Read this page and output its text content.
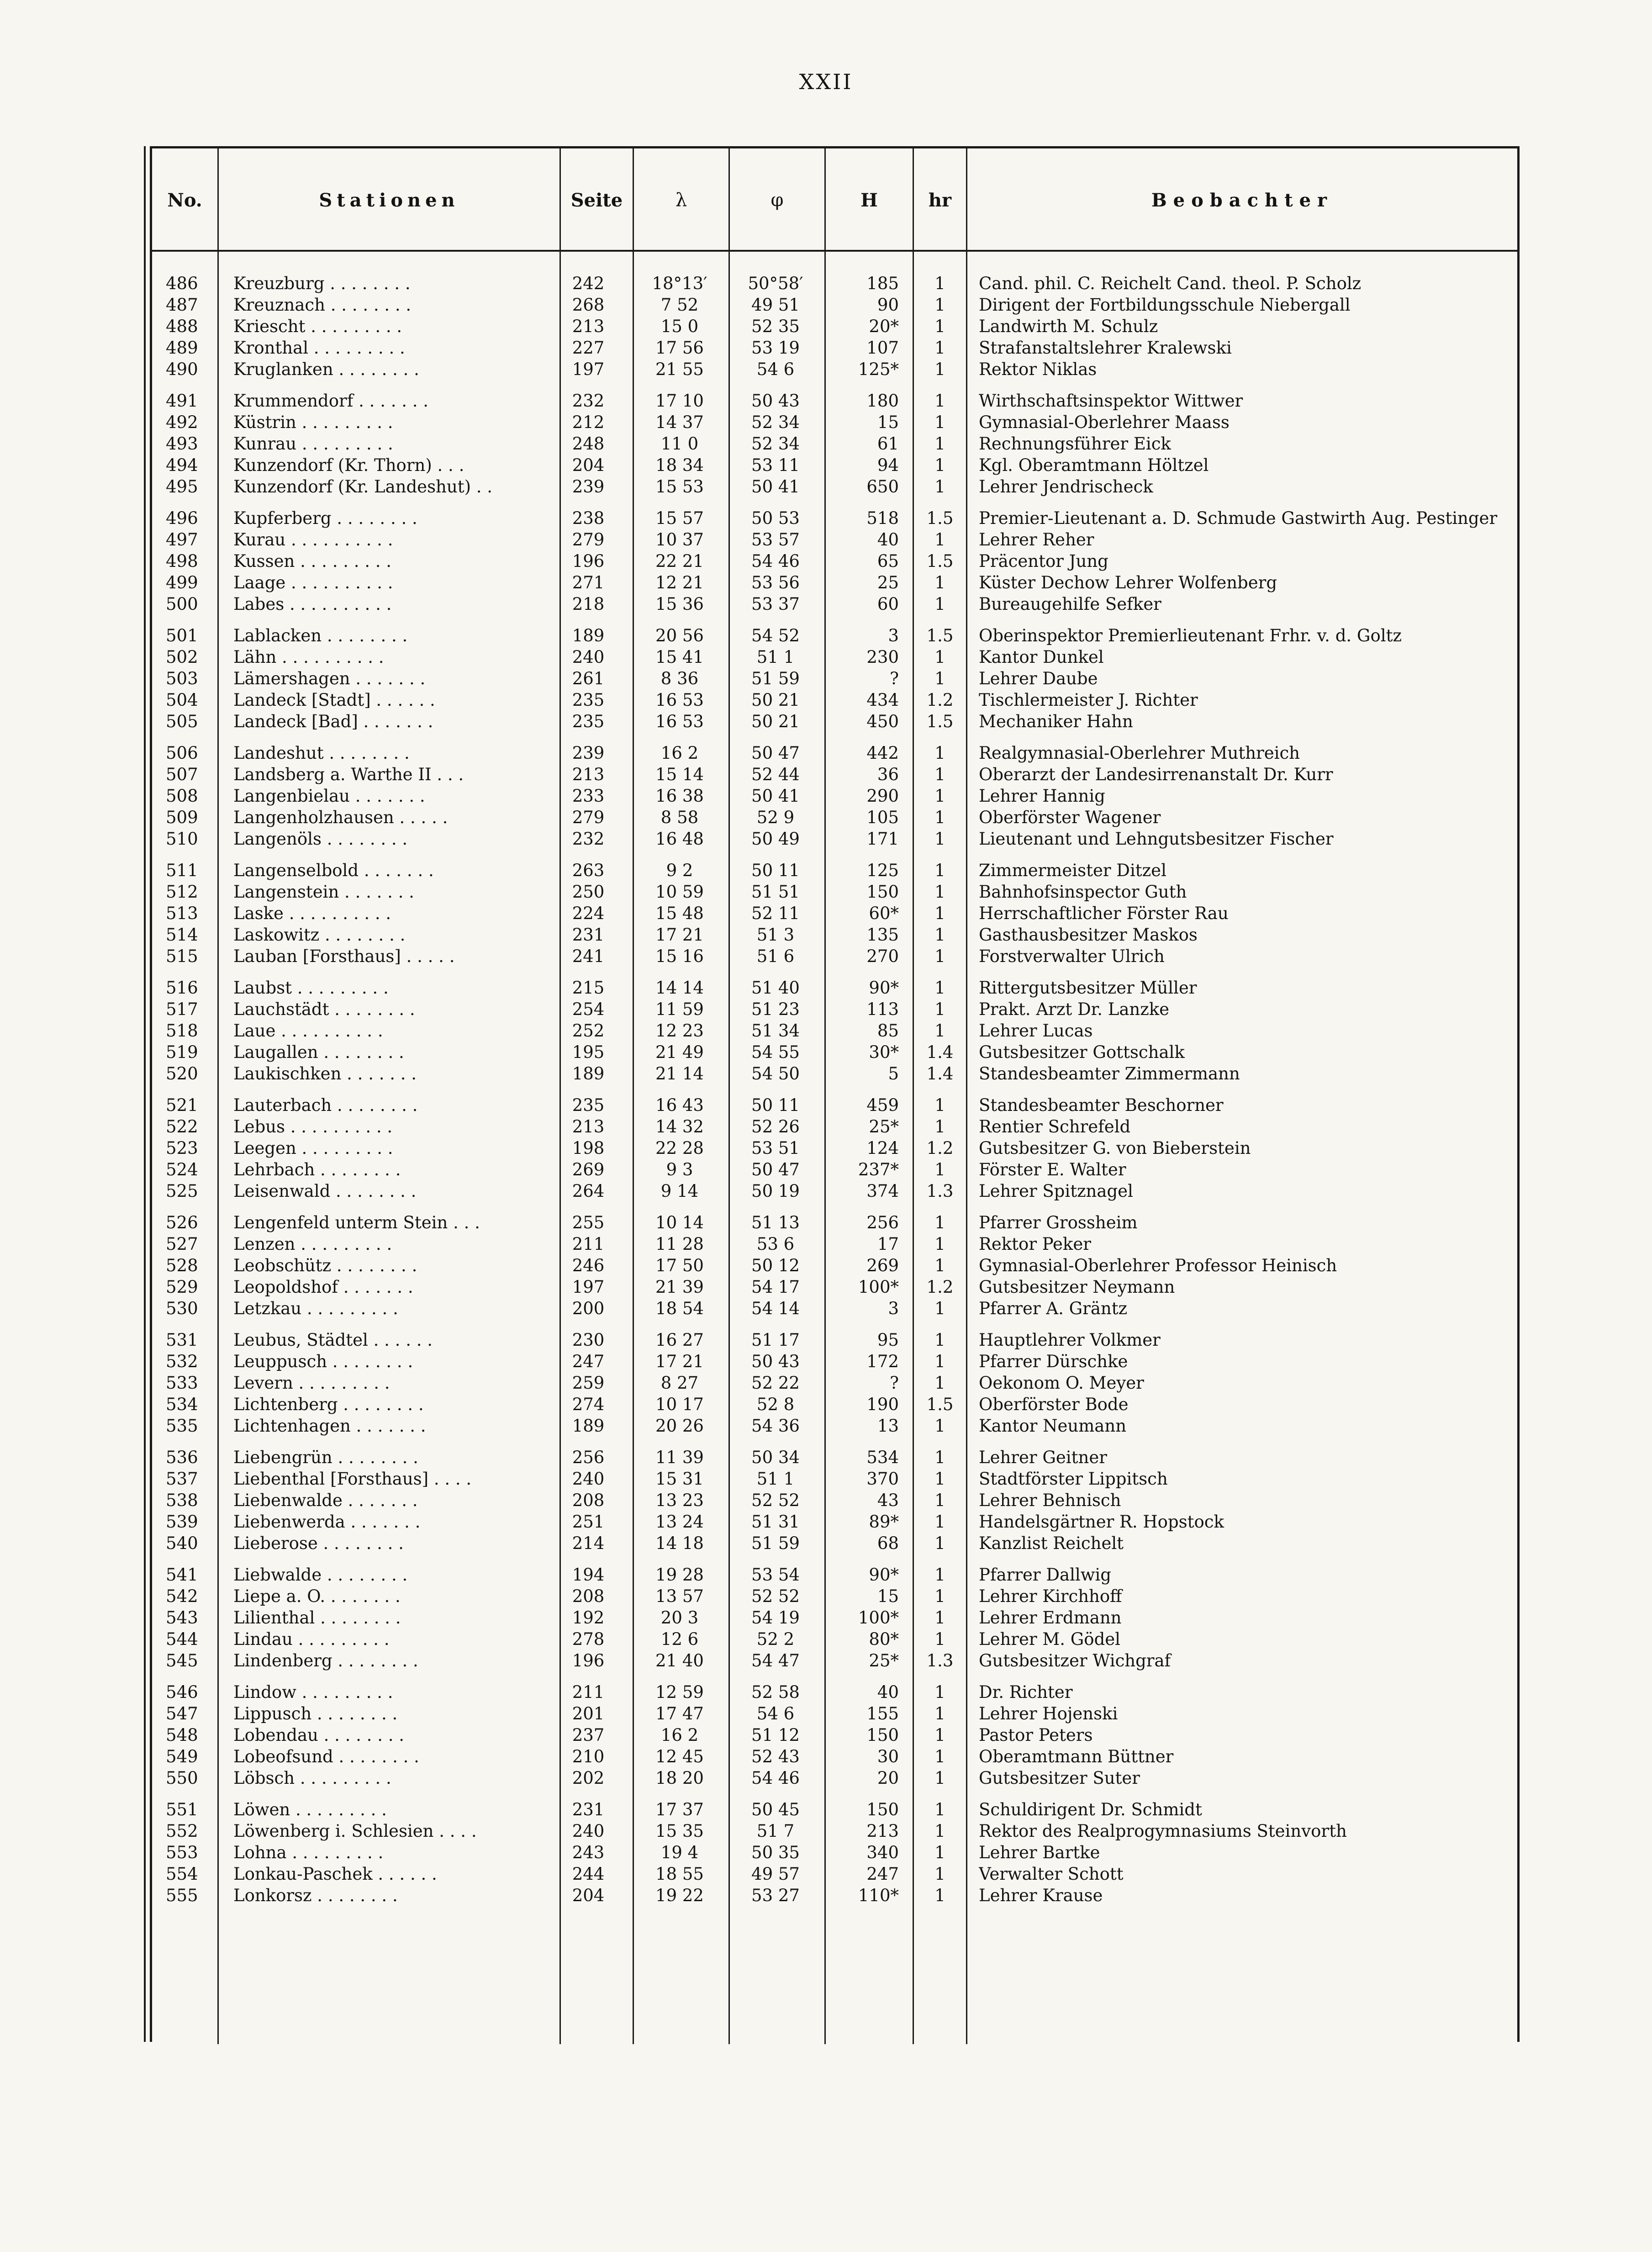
XXII
No.	Stationen	Seite	λ	φ	H	hr	Beobachter
486	Kreuzburg . . . . . . . .	242	18°13′	50°58′	185	1	Cand. phil. C. Reichelt Cand. theol. P. Scholz
487	Kreuznach . . . . . . . .	268	7 52	49 51	90	1	Dirigent der Fortbildungsschule Niebergall
488	Kriescht . . . . . . . . .	213	15 0	52 35	20*	1	Landwirth M. Schulz
489	Kronthal . . . . . . . . .	227	17 56	53 19	107	1	Strafanstaltslehrer Kralewski
490	Kruglanken . . . . . . . .	197	21 55	54 6	125*	1	Rektor Niklas
491	Krummendorf . . . . . . .	232	17 10	50 43	180	1	Wirthschaftsinspektor Wittwer
492	Küstrin . . . . . . . . .	212	14 37	52 34	15	1	Gymnasial-Oberlehrer Maass
493	Kunrau . . . . . . . . .	248	11 0	52 34	61	1	Rechnungsführer Eick
494	Kunzendorf (Kr. Thorn) . . .	204	18 34	53 11	94	1	Kgl. Oberamtmann Höltzel
495	Kunzendorf (Kr. Landeshut) . .	239	15 53	50 41	650	1	Lehrer Jendrischeck
496	Kupferberg . . . . . . . .	238	15 57	50 53	518	1.5	Premier-Lieutenant a. D. Schmude Gastwirth Aug. Pestinger
497	Kurau . . . . . . . . . .	279	10 37	53 57	40	1	Lehrer Reher
498	Kussen . . . . . . . . .	196	22 21	54 46	65	1.5	Präcentor Jung
499	Laage . . . . . . . . . .	271	12 21	53 56	25	1	Küster Dechow Lehrer Wolfenberg
500	Labes . . . . . . . . . .	218	15 36	53 37	60	1	Bureaugehilfe Sefker
501	Lablacken . . . . . . . .	189	20 56	54 52	3	1.5	Oberinspektor Premierlieutenant Frhr. v. d. Goltz
502	Lähn . . . . . . . . . .	240	15 41	51 1	230	1	Kantor Dunkel
503	Lämershagen . . . . . . .	261	8 36	51 59	?	1	Lehrer Daube
504	Landeck [Stadt] . . . . . .	235	16 53	50 21	434	1.2	Tischlermeister J. Richter
505	Landeck [Bad] . . . . . . .	235	16 53	50 21	450	1.5	Mechaniker Hahn
506	Landeshut . . . . . . . .	239	16 2	50 47	442	1	Realgymnasial-Oberlehrer Muthreich
507	Landsberg a. Warthe II . . .	213	15 14	52 44	36	1	Oberarzt der Landesirrenanstalt Dr. Kurr
508	Langenbielau . . . . . . .	233	16 38	50 41	290	1	Lehrer Hannig
509	Langenholzhausen . . . . .	279	8 58	52 9	105	1	Oberförster Wagener
510	Langenöls . . . . . . . .	232	16 48	50 49	171	1	Lieutenant und Lehngutsbesitzer Fischer
511	Langenselbold . . . . . . .	263	9 2	50 11	125	1	Zimmermeister Ditzel
512	Langenstein . . . . . . .	250	10 59	51 51	150	1	Bahnhofsinspector Guth
513	Laske . . . . . . . . . .	224	15 48	52 11	60*	1	Herrschaftlicher Förster Rau
514	Laskowitz . . . . . . . .	231	17 21	51 3	135	1	Gasthausbesitzer Maskos
515	Lauban [Forsthaus] . . . . .	241	15 16	51 6	270	1	Forstverwalter Ulrich
516	Laubst . . . . . . . . .	215	14 14	51 40	90*	1	Rittergutsbesitzer Müller
517	Lauchstädt . . . . . . . .	254	11 59	51 23	113	1	Prakt. Arzt Dr. Lanzke
518	Laue . . . . . . . . . .	252	12 23	51 34	85	1	Lehrer Lucas
519	Laugallen . . . . . . . .	195	21 49	54 55	30*	1.4	Gutsbesitzer Gottschalk
520	Laukischken . . . . . . .	189	21 14	54 50	5	1.4	Standesbeamter Zimmermann
521	Lauterbach . . . . . . . .	235	16 43	50 11	459	1	Standesbeamter Beschorner
522	Lebus . . . . . . . . . .	213	14 32	52 26	25*	1	Rentier Schrefeld
523	Leegen . . . . . . . . .	198	22 28	53 51	124	1.2	Gutsbesitzer G. von Bieberstein
524	Lehrbach . . . . . . . .	269	9 3	50 47	237*	1	Förster E. Walter
525	Leisenwald . . . . . . . .	264	9 14	50 19	374	1.3	Lehrer Spitznagel
526	Lengenfeld unterm Stein . . .	255	10 14	51 13	256	1	Pfarrer Grossheim
527	Lenzen . . . . . . . . .	211	11 28	53 6	17	1	Rektor Peker
528	Leobschütz . . . . . . . .	246	17 50	50 12	269	1	Gymnasial-Oberlehrer Professor Heinisch
529	Leopoldshof . . . . . . .	197	21 39	54 17	100*	1.2	Gutsbesitzer Neymann
530	Letzkau . . . . . . . . .	200	18 54	54 14	3	1	Pfarrer A. Gräntz
531	Leubus, Städtel . . . . . .	230	16 27	51 17	95	1	Hauptlehrer Volkmer
532	Leuppusch . . . . . . . .	247	17 21	50 43	172	1	Pfarrer Dürschke
533	Levern . . . . . . . . .	259	8 27	52 22	?	1	Oekonom O. Meyer
534	Lichtenberg . . . . . . . .	274	10 17	52 8	190	1.5	Oberförster Bode
535	Lichtenhagen . . . . . . .	189	20 26	54 36	13	1	Kantor Neumann
536	Liebengrün . . . . . . . .	256	11 39	50 34	534	1	Lehrer Geitner
537	Liebenthal [Forsthaus] . . . .	240	15 31	51 1	370	1	Stadtförster Lippitsch
538	Liebenwalde . . . . . . .	208	13 23	52 52	43	1	Lehrer Behnisch
539	Liebenwerda . . . . . . .	251	13 24	51 31	89*	1	Handelsgärtner R. Hopstock
540	Lieberose . . . . . . . .	214	14 18	51 59	68	1	Kanzlist Reichelt
541	Liebwalde . . . . . . . .	194	19 28	53 54	90*	1	Pfarrer Dallwig
542	Liepe a. O. . . . . . . .	208	13 57	52 52	15	1	Lehrer Kirchhoff
543	Lilienthal . . . . . . . .	192	20 3	54 19	100*	1	Lehrer Erdmann
544	Lindau . . . . . . . . .	278	12 6	52 2	80*	1	Lehrer M. Gödel
545	Lindenberg . . . . . . . .	196	21 40	54 47	25*	1.3	Gutsbesitzer Wichgraf
546	Lindow . . . . . . . . .	211	12 59	52 58	40	1	Dr. Richter
547	Lippusch . . . . . . . .	201	17 47	54 6	155	1	Lehrer Hojenski
548	Lobendau . . . . . . . .	237	16 2	51 12	150	1	Pastor Peters
549	Lobeofsund . . . . . . . .	210	12 45	52 43	30	1	Oberamtmann Büttner
550	Löbsch . . . . . . . . .	202	18 20	54 46	20	1	Gutsbesitzer Suter
551	Löwen . . . . . . . . .	231	17 37	50 45	150	1	Schuldirigent Dr. Schmidt
552	Löwenberg i. Schlesien . . . .	240	15 35	51 7	213	1	Rektor des Realprogymnasiums Steinvorth
553	Lohna . . . . . . . . .	243	19 4	50 35	340	1	Lehrer Bartke
554	Lonkau-Paschek . . . . . .	244	18 55	49 57	247	1	Verwalter Schott
555	Lonkorsz . . . . . . . .	204	19 22	53 27	110*	1	Lehrer Krause
